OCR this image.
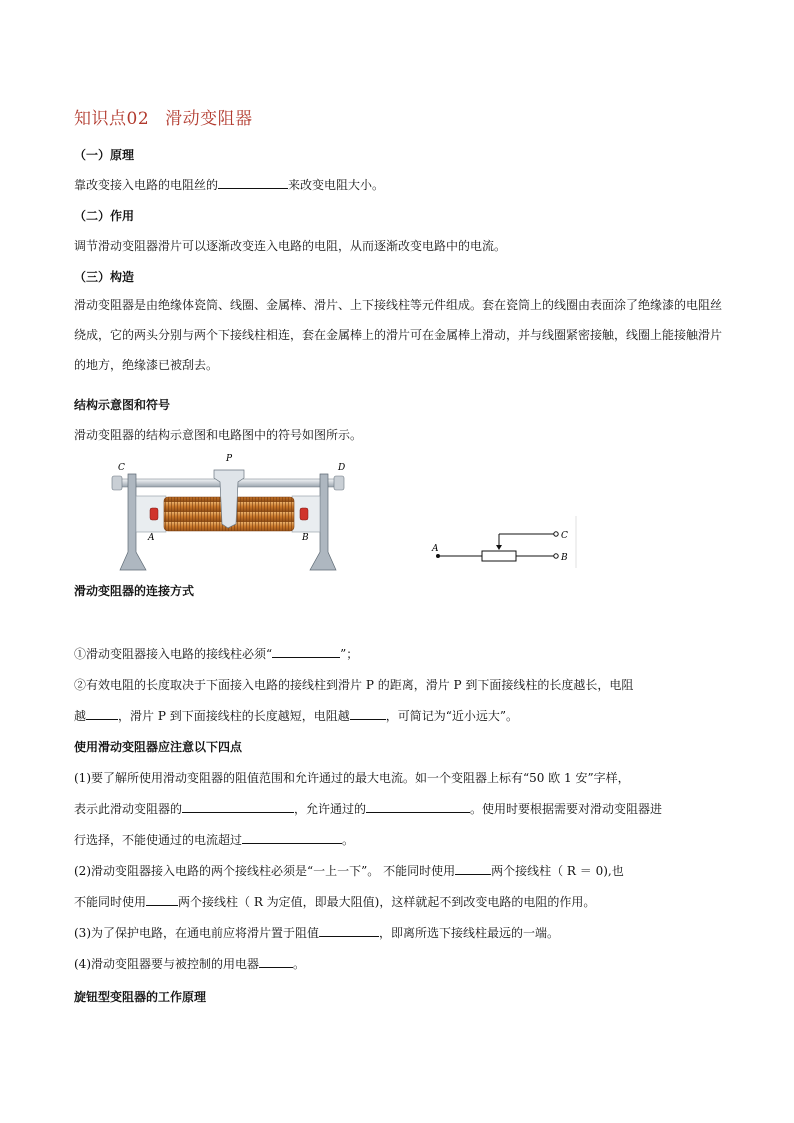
知识点02 滑动变阻器
（一）原理
靠改变接入电路的电阻丝的	来改变电阻大小。
（二）作用
调节滑动变阻器滑片可以逐渐改变连入电路的电阻，从而逐渐改变电路中的电流。
（三）构造
滑动变阻器是由绝缘体瓷筒、线圈、金属棒、滑片、上下接线柱等元件组成。套在瓷筒上的线圈由表面涂了绝缘漆的电阻丝绕成，它的两头分别与两个下接线柱相连，套在金属棒上的滑片可在金属棒上滑动，并与线圈紧密接触，线圈上能接触滑片的地方，绝缘漆已被刮去。
结构示意图和符号
滑动变阻器的结构示意图和电路图中的符号如图所示。
C	D
P
A	B
A
B
C
滑动变阻器的连接方式
①滑动变阻器接入电路的接线柱必须“	”；
②有效电阻的长度取决于下面接入电路的接线柱到滑片 P 的距离，滑片 P 到下面接线柱的长度越长，电阻
越	，滑片 P 到下面接线柱的长度越短，电阻越	，可简记为“近小远大”。
使用滑动变阻器应注意以下四点
(1)要了解所使用滑动变阻器的阻值范围和允许通过的最大电流。如一个变阻器上标有“50 欧 1 安”字样，
表示此滑动变阻器的	，允许通过的	。使用时要根据需要对滑动变阻器进
行选择，不能使通过的电流超过	。
(2)滑动变阻器接入电路的两个接线柱必须是“一上一下”。 不能同时使用	两个接线柱（ R ＝ 0),也
不能同时使用	两个接线柱（ R 为定值，即最大阻值)，这样就起不到改变电路的电阻的作用。
(3)为了保护电路，在通电前应将滑片置于阻值	，即离所选下接线柱最远的一端。
(4)滑动变阻器要与被控制的用电器	。
旋钮型变阻器的工作原理
